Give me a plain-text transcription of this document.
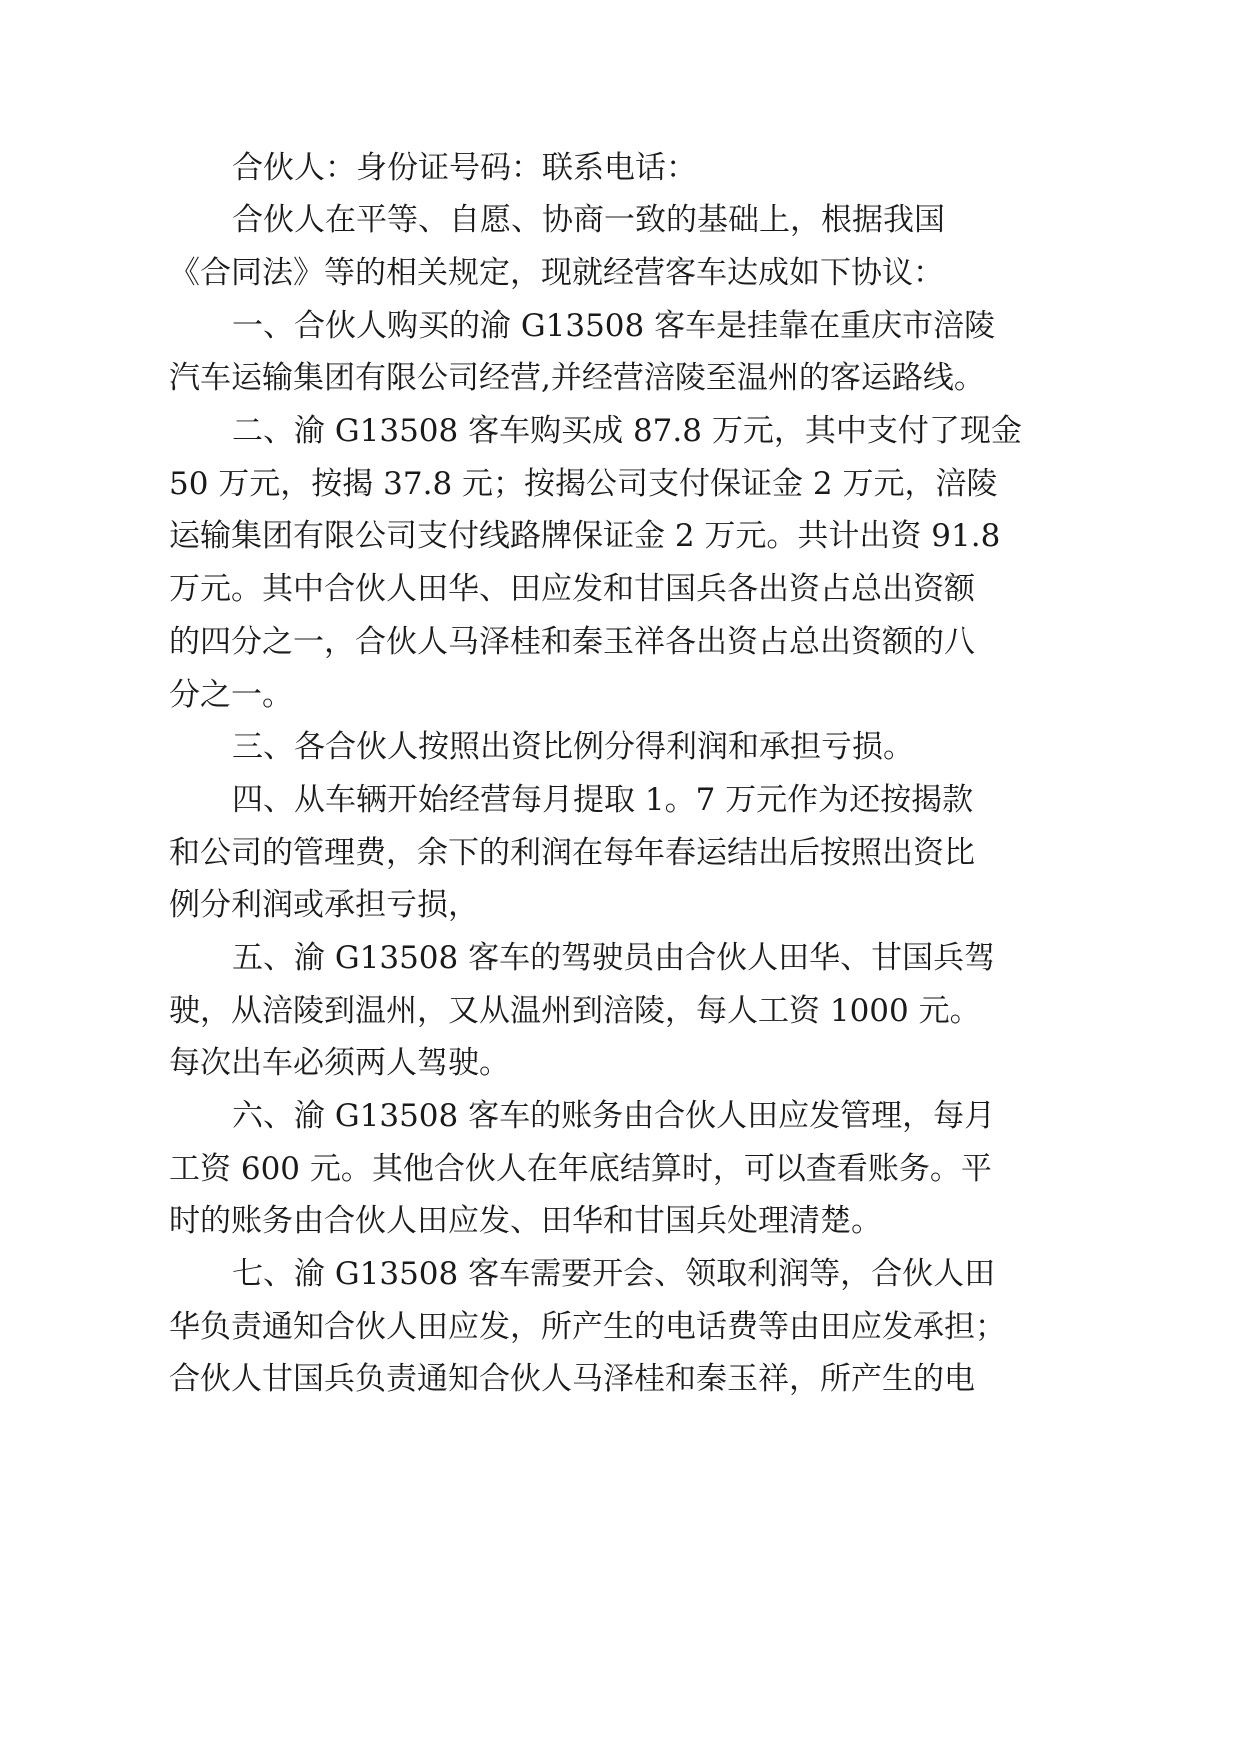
合伙人：身份证号码：联系电话：
合伙人在平等、自愿、协商一致的基础上，根据我国
《合同法》等的相关规定，现就经营客车达成如下协议：
一、合伙人购买的渝 G13508 客车是挂靠在重庆市涪陵
汽车运输集团有限公司经营,并经营涪陵至温州的客运路线。
二、渝 G13508 客车购买成 87.8 万元，其中支付了现金
50 万元，按揭 37.8 元；按揭公司支付保证金 2 万元，涪陵
运输集团有限公司支付线路牌保证金 2 万元。共计出资 91.8
万元。其中合伙人田华、田应发和甘国兵各出资占总出资额
的四分之一，合伙人马泽桂和秦玉祥各出资占总出资额的八
分之一。
三、各合伙人按照出资比例分得利润和承担亏损。
四、从车辆开始经营每月提取 1。7 万元作为还按揭款
和公司的管理费，余下的利润在每年春运结出后按照出资比
例分利润或承担亏损，
五、渝 G13508 客车的驾驶员由合伙人田华、甘国兵驾
驶，从涪陵到温州，又从温州到涪陵，每人工资 1000 元。
每次出车必须两人驾驶。
六、渝 G13508 客车的账务由合伙人田应发管理，每月
工资 600 元。其他合伙人在年底结算时，可以查看账务。平
时的账务由合伙人田应发、田华和甘国兵处理清楚。
七、渝 G13508 客车需要开会、领取利润等，合伙人田
华负责通知合伙人田应发，所产生的电话费等由田应发承担；
合伙人甘国兵负责通知合伙人马泽桂和秦玉祥，所产生的电
